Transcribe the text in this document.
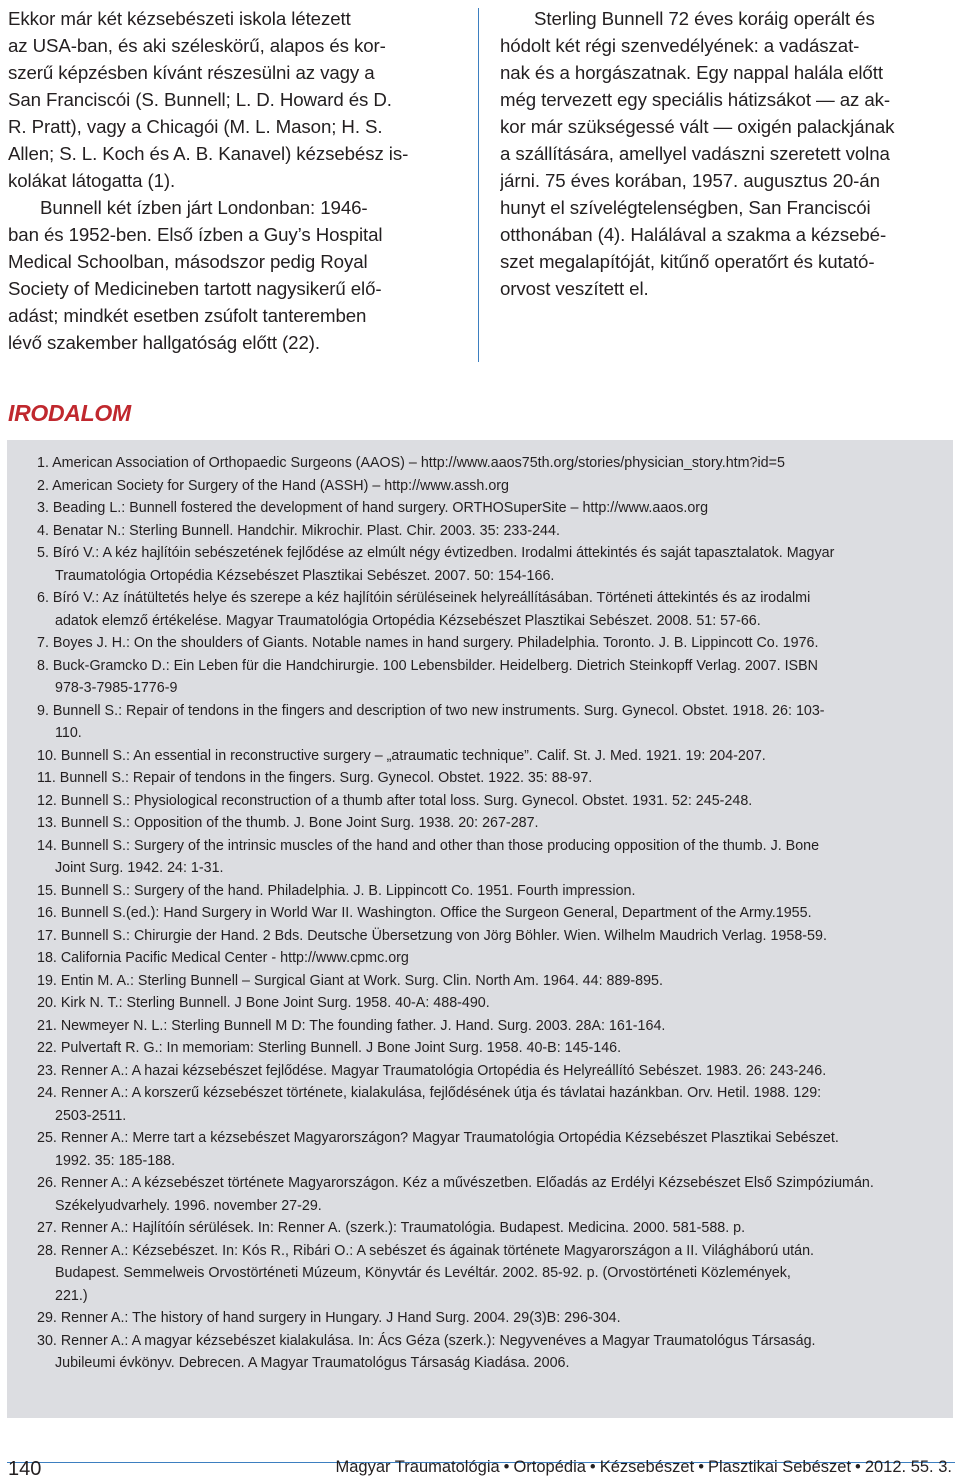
Ekkor már két kézsebészeti iskola létezett
az USA-ban, és aki széleskörű, alapos és kor-
szerű képzésben kívánt részesülni az vagy a
San Franciscói (S. Bunnell; L. D. Howard és D.
R. Pratt), vagy a Chicagói (M. L. Mason; H. S.
Allen; S. L. Koch és A. B. Kanavel) kézsebész is-
kolákat látogatta (1).
Bunnell két ízben járt Londonban: 1946-
ban és 1952-ben. Első ízben a Guy’s Hospital
Medical Schoolban, másodszor pedig Royal
Society of Medicineben tartott nagysikerű elő-
adást; mindkét esetben zsúfolt tanteremben
lévő szakember hallgatóság előtt (22).
Sterling Bunnell 72 éves koráig operált és
hódolt két régi szenvedélyének: a vadászat-
nak és a horgászatnak. Egy nappal halála előtt
még tervezett egy speciális hátizsákot — az ak-
kor már szükségessé vált — oxigén palackjának
a szállítására, amellyel vadászni szeretett volna
járni. 75 éves korában, 1957. augusztus 20-án
hunyt el szívelégtelenségben, San Franciscói
otthonában (4). Halálával a szakma a kézsebé-
szet megalapítóját, kitűnő operatőrt és kutató-
orvost veszített el.
IRODALOM
1. American Association of Orthopaedic Surgeons (AAOS) – http://www.aaos75th.org/stories/physician_story.htm?id=5
2. American Society for Surgery of the Hand (ASSH) – http://www.assh.org
3. Beading L.: Bunnell fostered the development of hand surgery. ORTHOSuperSite – http://www.aaos.org
4. Benatar N.: Sterling Bunnell. Handchir. Mikrochir. Plast. Chir. 2003. 35: 233-244.
5. Bíró V.: A kéz hajlítóin sebészetének fejlődése az elmúlt négy évtizedben. Irodalmi áttekintés és saját tapasztalatok. Magyar
Traumatológia Ortopédia Kézsebészet Plasztikai Sebészet. 2007. 50: 154-166.
6. Bíró V.: Az ínátültetés helye és szerepe a kéz hajlítóin sérüléseinek helyreállításában. Történeti áttekintés és az irodalmi
adatok elemző értékelése. Magyar Traumatológia Ortopédia Kézsebészet Plasztikai Sebészet. 2008. 51: 57-66.
7. Boyes J. H.: On the shoulders of Giants. Notable names in hand surgery. Philadelphia. Toronto. J. B. Lippincott Co. 1976.
8. Buck-Gramcko D.: Ein Leben für die Handchirurgie. 100 Lebensbilder. Heidelberg. Dietrich Steinkopff Verlag. 2007. ISBN
978-3-7985-1776-9
9. Bunnell S.: Repair of tendons in the fingers and description of two new instruments. Surg. Gynecol. Obstet. 1918. 26: 103-
110.
10. Bunnell S.: An essential in reconstructive surgery – „atraumatic technique”. Calif. St. J. Med. 1921. 19: 204-207.
11. Bunnell S.: Repair of tendons in the fingers. Surg. Gynecol. Obstet. 1922. 35: 88-97.
12. Bunnell S.: Physiological reconstruction of a thumb after total loss. Surg. Gynecol. Obstet. 1931. 52: 245-248.
13. Bunnell S.: Opposition of the thumb. J. Bone Joint Surg. 1938. 20: 267-287.
14. Bunnell S.: Surgery of the intrinsic muscles of the hand and other than those producing opposition of the thumb. J. Bone
Joint Surg. 1942. 24: 1-31.
15. Bunnell S.: Surgery of the hand. Philadelphia. J. B. Lippincott Co. 1951. Fourth impression.
16. Bunnell S.(ed.): Hand Surgery in World War II. Washington. Office the Surgeon General, Department of the Army.1955.
17. Bunnell S.: Chirurgie der Hand. 2 Bds. Deutsche Übersetzung von Jörg Böhler. Wien. Wilhelm Maudrich Verlag. 1958-59.
18. California Pacific Medical Center - http://www.cpmc.org
19. Entin M. A.: Sterling Bunnell – Surgical Giant at Work. Surg. Clin. North Am. 1964. 44: 889-895.
20. Kirk N. T.: Sterling Bunnell. J Bone Joint Surg. 1958. 40-A: 488-490.
21. Newmeyer N. L.: Sterling Bunnell M D: The founding father. J. Hand. Surg. 2003. 28A: 161-164.
22. Pulvertaft R. G.: In memoriam: Sterling Bunnell. J Bone Joint Surg. 1958. 40-B: 145-146.
23. Renner A.: A hazai kézsebészet fejlődése. Magyar Traumatológia Ortopédia és Helyreállító Sebészet. 1983. 26: 243-246.
24. Renner A.: A korszerű kézsebészet története, kialakulása, fejlődésének útja és távlatai hazánkban. Orv. Hetil. 1988. 129:
2503-2511.
25. Renner A.: Merre tart a kézsebészet Magyarországon? Magyar Traumatológia Ortopédia Kézsebészet Plasztikai Sebészet.
1992. 35: 185-188.
26. Renner A.: A kézsebészet története Magyarországon. Kéz a művészetben. Előadás az Erdélyi Kézsebészet Első Szimpóziumán.
Székelyudvarhely. 1996. november 27-29.
27. Renner A.: Hajlítóín sérülések. In: Renner A. (szerk.): Traumatológia. Budapest. Medicina. 2000. 581-588. p.
28. Renner A.: Kézsebészet. In: Kós R., Ribári O.: A sebészet és ágainak története Magyarországon a II. Világháború után.
Budapest. Semmelweis Orvostörténeti Múzeum, Könyvtár és Levéltár. 2002. 85-92. p. (Orvostörténeti Közlemények,
221.)
29. Renner A.: The history of hand surgery in Hungary. J Hand Surg. 2004. 29(3)B: 296-304.
30. Renner A.: A magyar kézsebészet kialakulása. In: Ács Géza (szerk.): Negyvenéves a Magyar Traumatológus Társaság.
Jubileumi évkönyv. Debrecen. A Magyar Traumatológus Társaság Kiadása. 2006.
140	Magyar Traumatológia • Ortopédia • Kézsebészet • Plasztikai Sebészet • 2012. 55. 3.
